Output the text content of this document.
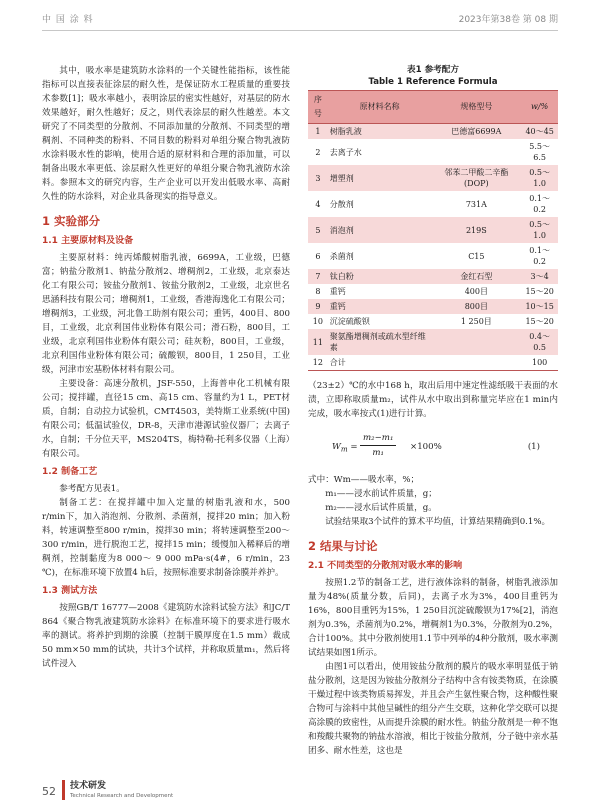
中 国 涂 料	2023年第38卷 第 08 期

其中，吸水率是建筑防水涂料的一个关键性能指标，该性能指标可以直接表征涂层的耐久性，是保证防水工程质量的重要技术参数[1]；吸水率越小，表明涂层的密实性越好，对基层的防水效果越好，耐久性越好；反之，则代表涂层的耐久性越差。本文研究了不同类型的分散剂、不同添加量的分散剂、不同类型的增稠剂、不同种类的粉料、不同目数的粉料对单组分聚合物乳液防水涂料吸水性的影响，使用合适的原材料和合理的添加量，可以制备出吸水率更低、涂层耐久性更好的单组分聚合物乳液防水涂料。参照本文的研究内容，生产企业可以开发出低吸水率、高耐久性的防水涂料，对企业具备现实的指导意义。

1 实验部分
1.1 主要原材料及设备

主要原材料：纯丙烯酸树脂乳液，6699A，工业级，巴德富；钠盐分散剂1、钠盐分散剂2、增稠剂2，工业级，北京泰达化工有限公司；铵盐分散剂1、铵盐分散剂2，工业级，北京世名思涵科技有限公司；增稠剂1，工业级，香港海逸化工有限公司；增稠剂3，工业级，河北鲁工助剂有限公司；重钙，400目、800目，工业级，北京利国伟业粉体有限公司；滑石粉，800目，工业级，北京利国伟业粉体有限公司；硅灰粉，800目，工业级，北京利国伟业粉体有限公司；硫酸钡，800目，1 250目，工业级，河津市宏基粉体材料有限公司。

主要设备：高速分散机，JSF-550，上海普申化工机械有限公司；搅拌罐，直径15 cm、高15 cm、容量约为1 L，PET材质，自制；自动拉力试验机，CMT4503，美特斯工业系统(中国)有限公司；低温试验仪，DR-8，天津市港源试验仪器厂；去离子水，自制；千分位天平，MS204TS，梅特勒-托利多仪器（上海）有限公司。

1.2 制备工艺

参考配方见表1。

制备工艺：在搅拌罐中加入定量的树脂乳液和水，500 r/min下，加入消泡剂、分散剂、杀菌剂，搅拌20 min；加入粉料，转速调整至800 r/min，搅拌30 min；将转速调整至200～300 r/min，进行脱泡工艺，搅拌15 min；缓慢加入稀释后的增稠剂，控制黏度为8 000～ 9 000 mPa·s(4#，6 r/min，23 ℃)，在标准环境下放置4 h后，按照标准要求制备涂膜并养护。

1.3 测试方法

按照GB/T 16777—2008《建筑防水涂料试验方法》和JC/T 864《聚合物乳液建筑防水涂料》在标准环境下的要求进行吸水率的测试。将养护到期的涂膜（控制干膜厚度在1.5 mm）裁成50 mm×50 mm的试块，共计3个试样，并称取质量m₁，然后将试件浸入

表1 参考配方
Table 1 Reference Formula
序号	原材料名称	规格型号	w/%
1	树脂乳液	巴德富6699A	40～45
2	去离子水		5.5～6.5
3	增塑剂	邻苯二甲酸二辛酯(DOP)	0.5～1.0
4	分散剂	731A	0.1～0.2
5	消泡剂	219S	0.5～1.0
6	杀菌剂	C15	0.1～0.2
7	钛白粉	金红石型	3～4
8	重钙	400目	15～20
9	重钙	800目	10～15
10	沉淀硫酸钡	1 250目	15～20
11	聚氨酯增稠剂或疏水型纤维素		0.4～0.5
12	合计		100

（23±2）℃的水中168 h，取出后用中速定性滤纸吸干表面的水渍，立即称取质量m₂，试件从水中取出到称量完毕应在1 min内完成，吸水率按式(1)进行计算。

$W_m = \frac{\text{m₂−m₁}}{\text{m₁}} \times 100\%$	(1)
式中：Wm——吸水率，%；
m₁——浸水前试件质量，g；
m₂——浸水后试件质量，g。

试验结果取3个试件的算术平均值，计算结果精确到0.1%。

2 结果与讨论
2.1 不同类型的分散剂对吸水率的影响

按照1.2节的制备工艺，进行液体涂料的制备，树脂乳液添加量为48%(质量分数，后同)，去离子水为3%，400目重钙为16%，800目重钙为15%，1 250目沉淀硫酸钡为17%[2]，消泡剂为0.3%，杀菌剂为0.2%，增稠剂1为0.3%，分散剂为0.2%，合计100%。其中分散剂使用1.1节中列举的4种分散剂，吸水率测试结果如图1所示。

由图1可以看出，使用铵盐分散剂的膜片的吸水率明显低于钠盐分散剂，这是因为铵盐分散剂分子结构中含有铵类物质，在涂膜干燥过程中该类物质易挥发，并且会产生氨性聚合物，这种酸性聚合物可与涂料中其他呈碱性的组分产生交联，这种化学交联可以提高涂膜的致密性，从而提升涂膜的耐水性。钠盐分散剂是一种不饱和羧酸共聚物的钠盐水溶液，相比于铵盐分散剂，分子链中亲水基团多、耐水性差，这也是

52 技术研发
Technical Research and Development
